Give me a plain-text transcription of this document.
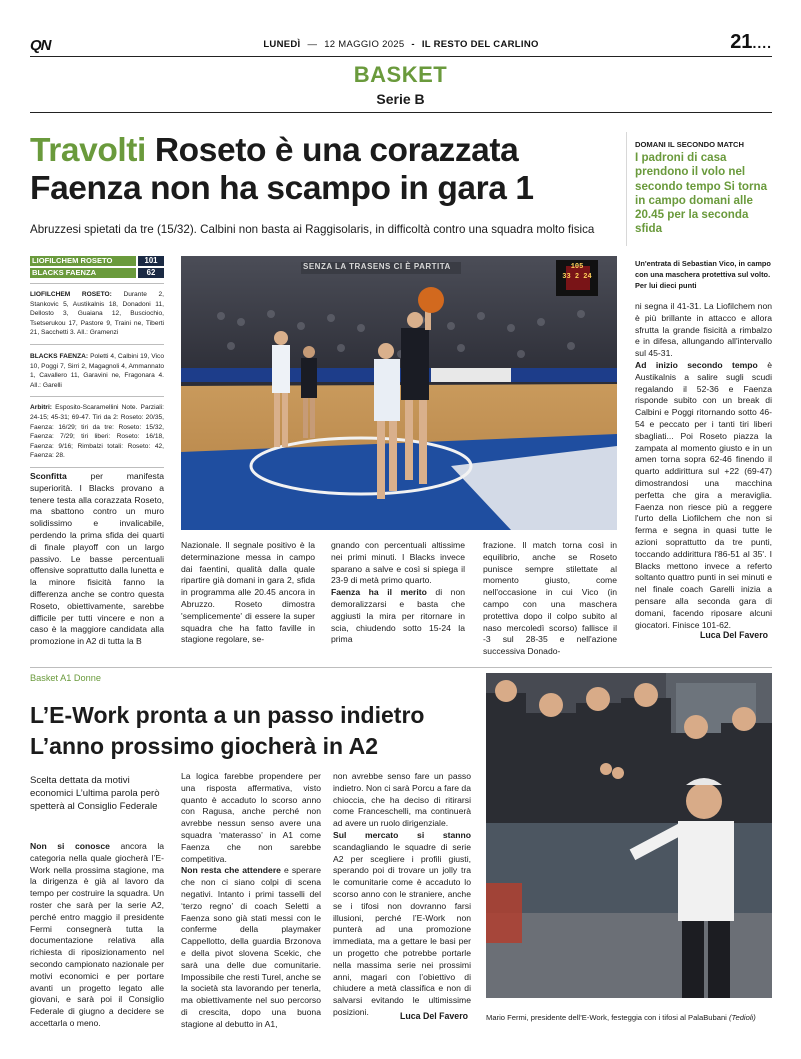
QN	LUNEDÌ — 12 MAGGIO 2025 - IL RESTO DEL CARLINO	21....
BASKET
Serie B
Travolti Roseto è una corazzata
Faenza non ha scampo in gara 1
Abruzzesi spietati da tre (15/32). Calbini non basta ai Raggisolaris, in difficoltà contro una squadra molto fisica
DOMANI IL SECONDO MATCH
I padroni di casa prendono il volo nel secondo tempo Si torna in campo domani alle 20.45 per la seconda sfida
LIOFILCHEM ROSETO	101
BLACKS FAENZA	62

LIOFILCHEM ROSETO: Durante 2, Stankovic 5, Austikalnis 18, Donadoni 11, Dellosto 3, Guaiana 12, Busciochio, Tsetserukou 17, Pastore 9, Traini ne, Tiberti 21, Sacchetti 3. All.: Gramenzi

BLACKS FAENZA: Poletti 4, Calbini 19, Vico 10, Poggi 7, Sirri 2, Magagnoli 4, Ammannato 1, Cavallero 11, Garavini ne, Fragonara 4. All.: Garelli

Arbitri: Esposito-Scaramellini Note. Parziali: 24-15; 45-31; 69-47. Tiri da 2: Roseto: 20/35, Faenza: 16/29; tiri da tre: Roseto: 15/32, Faenza: 7/29; tiri liberi: Roseto: 16/18, Faenza: 9/16; Rimbalzi totali: Roseto: 42, Faenza: 28.

Sconfitta	per manifesta superiorità. I Blacks provano a tenere testa alla corazzata Roseto, ma sbattono contro un muro solidissimo e invalicabile, perdendo la prima sfida dei quarti di finale playoff con un largo passivo. Le basse percentuali offensive soprattutto dalla lunetta e la minore fisicità fanno la differenza anche se contro questa Roseto, obiettivamente, sarebbe difficile per tutti vincere e non a caso è la maggiore candidata alla promozione in A2 di tutta la B
SENZA LA TRASENS CI È PARTITA	105
33 2 24
Un'entrata di Sebastian Vico, in campo con una maschera protettiva sul volto. Per lui dieci punti
Nazionale. Il segnale positivo è la determinazione messa in campo dai faentini, qualità dalla quale ripartire già domani in gara 2, sfida in programma alle 20.45 ancora in Abruzzo. Roseto dimostra 'semplicemente' di essere la super squadra che ha fatto faville in stagione regolare, se-
gnando con percentuali altissime nei primi minuti. I Blacks invece sparano a salve e così si spiega il 23-9 di metà primo quarto.
Faenza ha il merito di non demoralizzarsi e basta che aggiusti la mira per ritornare in scia, chiudendo sotto 15-24 la prima
frazione. Il match torna così in equilibrio, anche se Roseto punisce sempre stilettate al momento giusto, come nell'occasione in cui Vico (in campo con una maschera protettiva dopo il colpo subito al naso mercoledì scorso) fallisce il -3 sul 28-35 e nell'azione successiva Donado-
ni segna il 41-31. La Liofilchem non è più brillante in attacco e allora sfrutta la grande fisicità a rimbalzo e in difesa, allungando all'intervallo sul 45-31.
Ad inizio secondo tempo è Austikalnis a salire sugli scudi regalando il 52-36 e Faenza risponde subito con un break di Calbini e Poggi ritornando sotto 46-54 e peccato per i tanti tiri liberi sbagliati... Poi Roseto piazza la zampata al momento giusto e in un amen torna sopra 62-46 finendo il quarto addirittura sul +22 (69-47) dimostrandosi una macchina perfetta che gira a meraviglia. Faenza non riesce più a reggere l'urto della Liofilchem che non si ferma e segna in quasi tutte le azioni soprattutto da tre punti, toccando addirittura l'86-51 al 35'. I Blacks mettono invece a referto soltanto quattro punti in sei minuti e nel finale coach Garelli inizia a pensare alla seconda gara di domani, facendo riposare alcuni giocatori. Finisce 101-62.
Luca Del Favero
Basket A1 Donne
L’E-Work pronta a un passo indietro
L’anno prossimo giocherà in A2
Scelta dettata da motivi economici L’ultima parola però spetterà al Consiglio Federale
Non si conosce ancora la categoria nella quale giocherà l’E-Work nella prossima stagione, ma la dirigenza è già al lavoro da tempo per costruire la squadra. Un roster che sarà per la serie A2, perché entro maggio il presidente Fermi consegnerà tutta la documentazione relativa alla richiesta di riposizionamento nel secondo campionato nazionale per motivi economici e per portare avanti un progetto legato alle giovani, e sarà poi il Consiglio Federale di giugno a decidere se accettarla o meno.
La logica farebbe propendere per una risposta affermativa, visto quanto è accaduto lo scorso anno con Ragusa, anche perché non avrebbe nessun senso avere una squadra ‘materasso’ in A1 come Faenza che non sarebbe competitiva.
Non resta che attendere e sperare che non ci siano colpi di scena negativi. Intanto i primi tasselli del ‘terzo regno’ di coach Seletti a Faenza sono già stati messi con le conferme della playmaker Cappellotto, della guardia Brzonova e della pivot slovena Scekic, che sarà una delle due comunitarie. Impossibile che resti Turel, anche se la società sta lavorando per tenerla, ma obiettivamente nel suo percorso di crescita, dopo una buona stagione al debutto in A1,
non avrebbe senso fare un passo indietro. Non ci sarà Porcu a fare da chioccia, che ha deciso di ritirarsi come Franceschelli, ma continuerà ad avere un ruolo dirigenziale.
Sul mercato si stanno scandagliando le squadre di serie A2 per scegliere i profili giusti, sperando poi di trovare un jolly tra le comunitarie come è accaduto lo scorso anno con le straniere, anche se i tifosi non dovranno farsi illusioni, perché l’E-Work non punterà ad una promozione immediata, ma a gettare le basi per un progetto che potrebbe portarle nella massima serie nei prossimi anni, magari con l’obiettivo di chiudere a metà classifica e non di salvarsi evitando le ultimissime posizioni.	Luca Del Favero Mario Fermi, presidente dell’E-Work, festeggia con i tifosi al PalaBubani (Tedioli)
